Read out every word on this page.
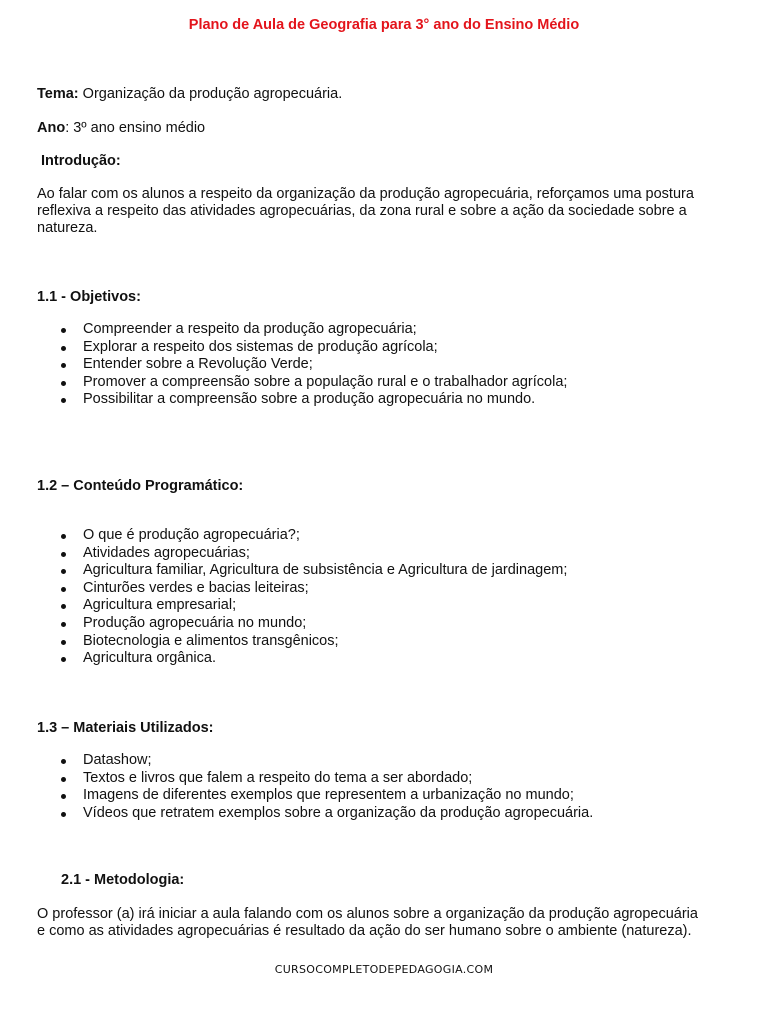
Plano de Aula de Geografia para 3° ano do Ensino Médio

Tema: Organização da produção agropecuária.

Ano: 3º ano ensino médio

Introdução:

Ao falar com os alunos a respeito da organização da produção agropecuária, reforçamos uma postura
reflexiva a respeito das atividades agropecuárias, da zona rural e sobre a ação da sociedade sobre a
natureza.

1.1 - Objetivos:

Compreender a respeito da produção agropecuária;
Explorar a respeito dos sistemas de produção agrícola;
Entender sobre a Revolução Verde;
Promover a compreensão sobre a população rural e o trabalhador agrícola;
Possibilitar a compreensão sobre a produção agropecuária no mundo.

1.2 – Conteúdo Programático:

O que é produção agropecuária?;
Atividades agropecuárias;
Agricultura familiar, Agricultura de subsistência e Agricultura de jardinagem;
Cinturões verdes e bacias leiteiras;
Agricultura empresarial;
Produção agropecuária no mundo;
Biotecnologia e alimentos transgênicos;
Agricultura orgânica.

1.3 – Materiais Utilizados:

Datashow;
Textos e livros que falem a respeito do tema a ser abordado;
Imagens de diferentes exemplos que representem a urbanização no mundo;
Vídeos que retratem exemplos sobre a organização da produção agropecuária.

2.1 - Metodologia:

O professor (a) irá iniciar a aula falando com os alunos sobre a organização da produção agropecuária
e como as atividades agropecuárias é resultado da ação do ser humano sobre o ambiente (natureza).

CURSOCOMPLETODEPEDAGOGIA.COM
